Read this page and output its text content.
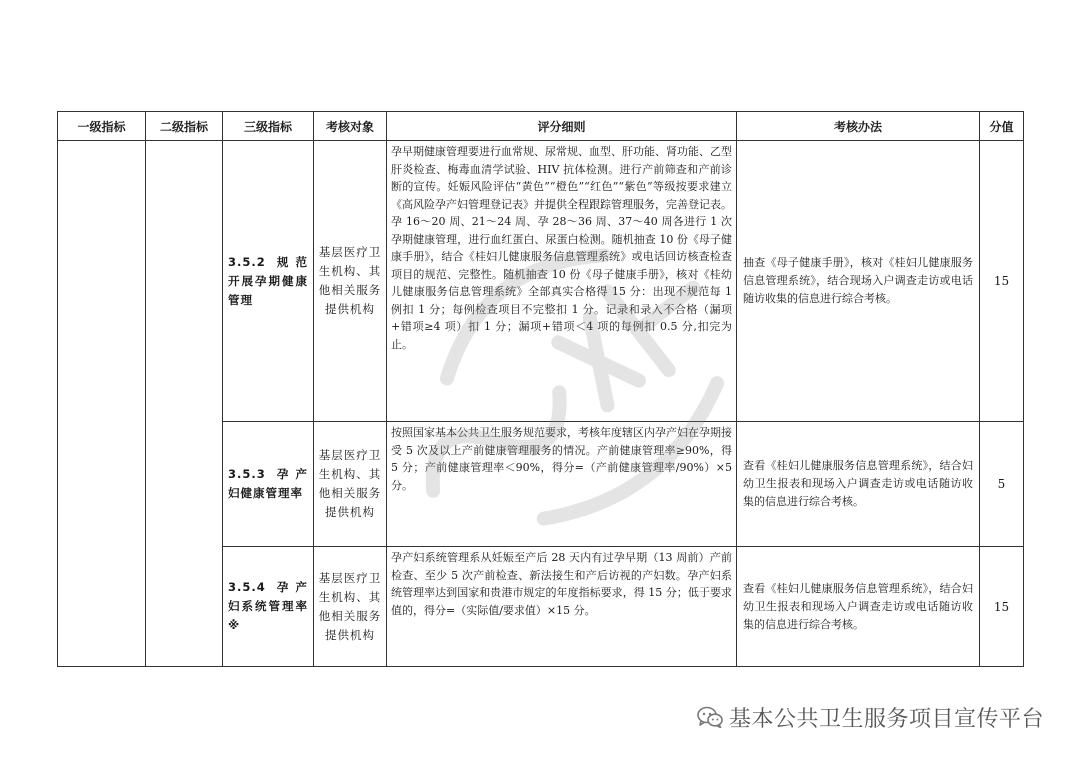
一级指标	二级指标	三级指标	考核对象	评分细则	考核办法	分值
		3.5.2 规范开展孕期健康管理	基层医疗卫生机构、其他相关服务提供机构	孕早期健康管理要进行血常规、尿常规、血型、肝功能、肾功能、乙型肝炎检查、梅毒血清学试验、HIV 抗体检测。进行产前筛查和产前诊断的宣传。妊娠风险评估“黄色”“橙色”“红色”“紫色”等级按要求建立《高风险孕产妇管理登记表》并提供全程跟踪管理服务，完善登记表。孕 16～20 周、21～24 周、孕 28～36 周、37～40 周各进行 1 次孕期健康管理，进行血红蛋白、尿蛋白检测。随机抽查 10 份《母子健康手册》，结合《桂妇儿健康服务信息管理系统》或电话回访核查检查项目的规范、完整性。随机抽查 10 份《母子健康手册》，核对《桂幼儿健康服务信息管理系统》全部真实合格得 15 分：出现不规范每 1 例扣 1 分；每例检查项目不完整扣 1 分。记录和录入不合格（漏项+错项≥4 项）扣 1 分；漏项+错项＜4 项的每例扣 0.5 分,扣完为止。	抽查《母子健康手册》，核对《桂妇儿健康服务信息管理系统》，结合现场入户调查走访或电话随访收集的信息进行综合考核。	15
		3.5.3 孕产妇健康管理率	基层医疗卫生机构、其他相关服务提供机构	按照国家基本公共卫生服务规范要求，考核年度辖区内孕产妇在孕期接受 5 次及以上产前健康管理服务的情况。产前健康管理率≥90%，得 5 分；产前健康管理率＜90%，得分=（产前健康管理率/90%）×5 分。	查看《桂妇儿健康服务信息管理系统》，结合妇幼卫生报表和现场入户调查走访或电话随访收集的信息进行综合考核。	5
		3.5.4 孕产妇系统管理率※	基层医疗卫生机构、其他相关服务提供机构	孕产妇系统管理系从妊娠至产后 28 天内有过孕早期（13 周前）产前检查、至少 5 次产前检查、新法接生和产后访视的产妇数。孕产妇系统管理率达到国家和贵港市规定的年度指标要求，得 15 分；低于要求值的，得分=（实际值/要求值）×15 分。	查看《桂妇儿健康服务信息管理系统》，结合妇幼卫生报表和现场入户调查走访或电话随访收集的信息进行综合考核。	15
基本公共卫生服务项目宣传平台
